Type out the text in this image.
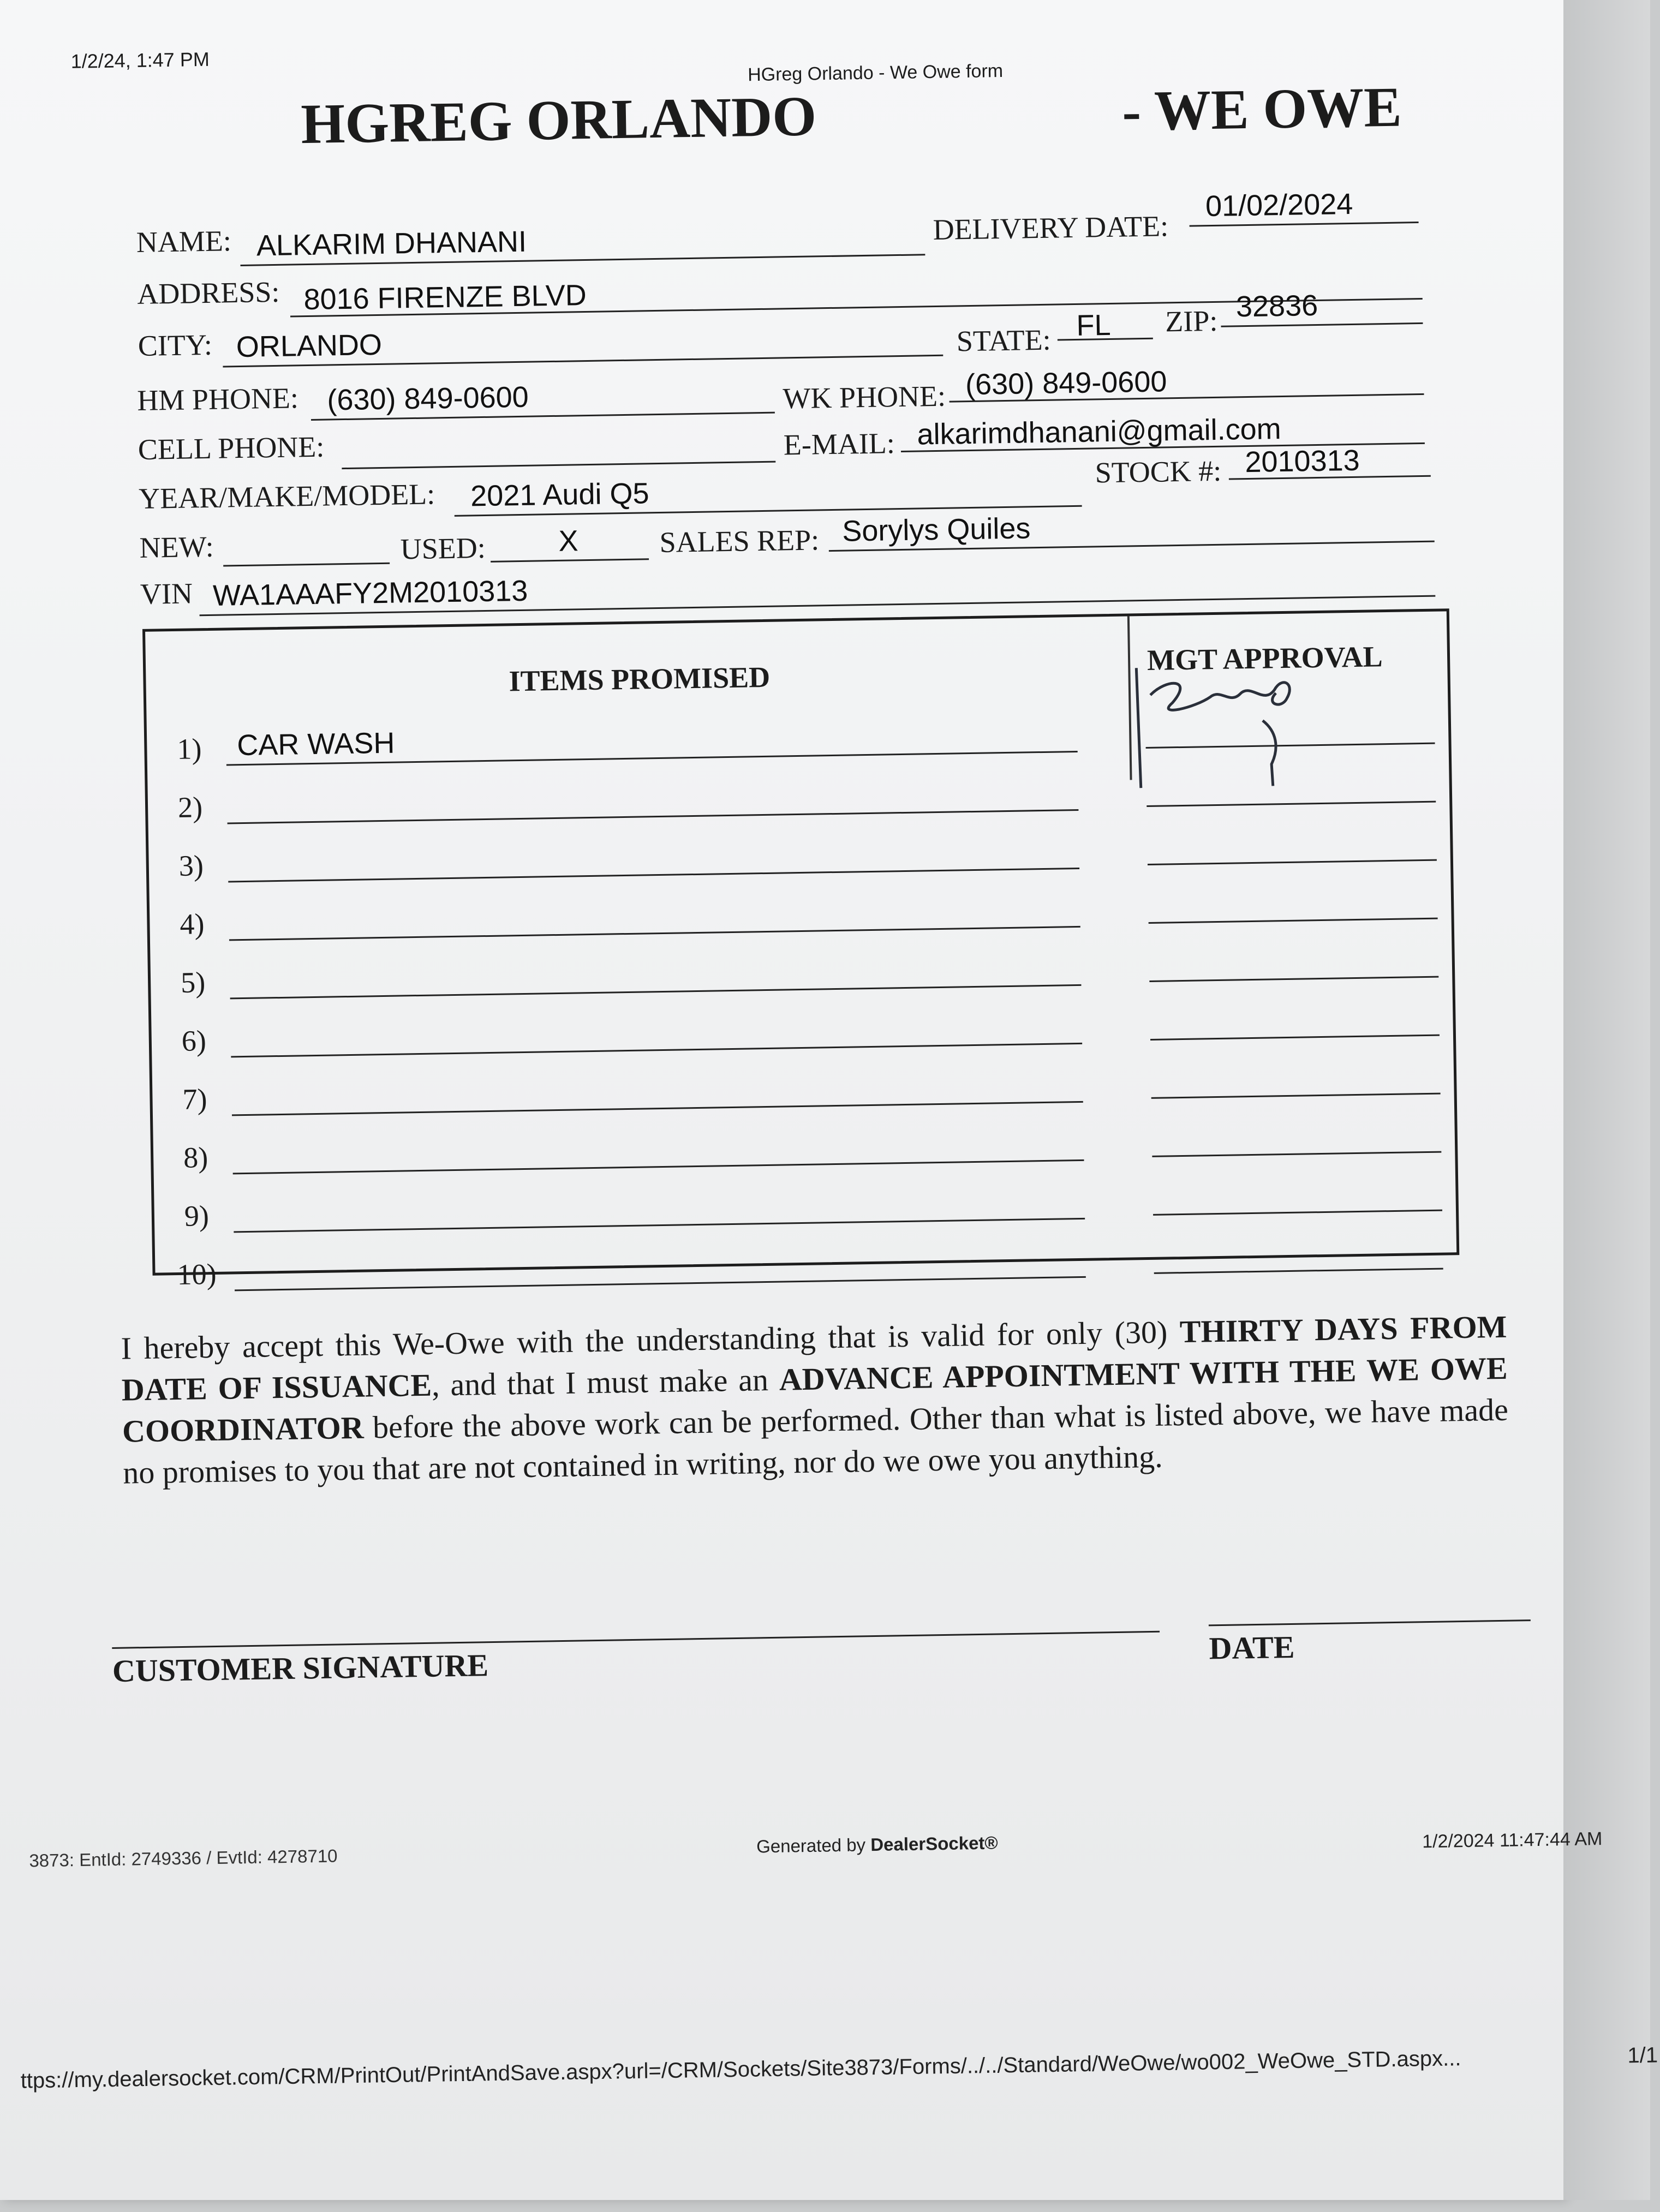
1/2/24, 1:47 PM
HGreg Orlando - We Owe form
HGREG ORLANDO	- WE OWE
NAME: ALKARIM DHANANI	DELIVERY DATE:
01/02/2024
ADDRESS: 8016 FIRENZE BLVD
CITY: ORLANDO	STATE: FL ZIP: 32836
HM PHONE: (630) 849-0600	WK PHONE: (630) 849-0600
CELL PHONE:	E-MAIL: alkarimdhanani@gmail.com
YEAR/MAKE/MODEL: 2021 Audi Q5
STOCK #: 2010313
NEW:	USED: X	SALES REP: Sorylys Quiles
VIN WA1AAAFY2M2010313
ITEMS PROMISED
MGT APPROVAL
1) CAR WASH
2)
3)
4)
5)
6)
7)
8)
9)
10)
I hereby accept this We-Owe with the understanding that is valid for only (30) THIRTY DAYS FROM DATE OF ISSUANCE, and that I must make an ADVANCE APPOINTMENT WITH THE WE OWE COORDINATOR before the above work can be performed. Other than what is listed above, we have made no promises to you that are not contained in writing, nor do we owe you anything.
CUSTOMER SIGNATURE	DATE
3873: EntId: 2749336 / EvtId: 4278710
Generated by DealerSocket®	1/2/2024 11:47:44 AM
ttps://my.dealersocket.com/CRM/PrintOut/PrintAndSave.aspx?url=/CRM/Sockets/Site3873/Forms/../../Standard/WeOwe/wo002_WeOwe_STD.aspx...	1/1
